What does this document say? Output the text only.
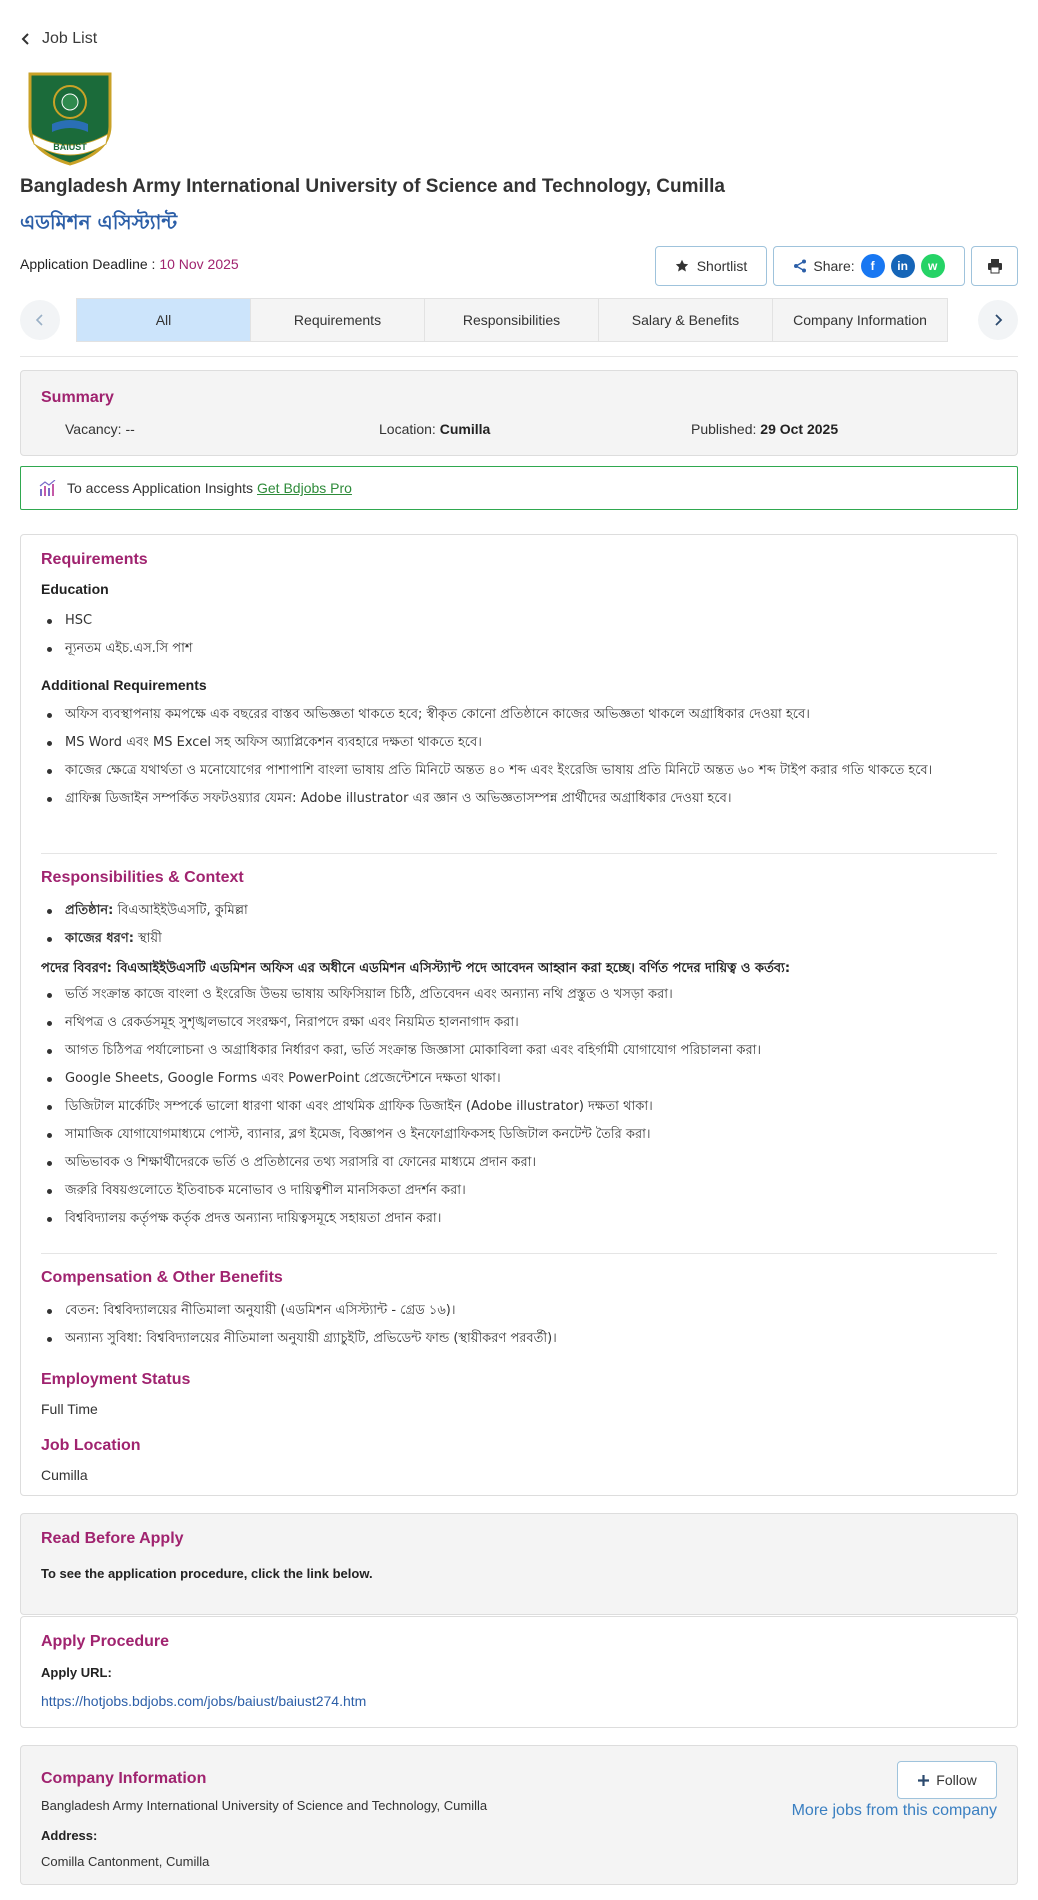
Job List
BAIUST
Bangladesh Army International University of Science and Technology, Cumilla
এডমিশন এসিস্ট্যান্ট
Application Deadline : 10 Nov 2025	Shortlist	Share:	f	in	w
All	Requirements	Responsibilities	Salary & Benefits	Company Information
Summary
Vacancy: --	Location: Cumilla	Published: 29 Oct 2025
To access Application Insights Get Bdjobs Pro
Requirements
Education
HSC
ন্যূনতম এইচ.এস.সি পাশ
Additional Requirements
অফিস ব্যবস্থাপনায় কমপক্ষে এক বছরের বাস্তব অভিজ্ঞতা থাকতে হবে; স্বীকৃত কোনো প্রতিষ্ঠানে কাজের অভিজ্ঞতা থাকলে অগ্রাধিকার দেওয়া হবে।
MS Word এবং MS Excel সহ অফিস অ্যাপ্লিকেশন ব্যবহারে দক্ষতা থাকতে হবে।
কাজের ক্ষেত্রে যথার্থতা ও মনোযোগের পাশাপাশি বাংলা ভাষায় প্রতি মিনিটে অন্তত ৪০ শব্দ এবং ইংরেজি ভাষায় প্রতি মিনিটে অন্তত ৬০ শব্দ টাইপ করার গতি থাকতে হবে।
গ্রাফিক্স ডিজাইন সম্পর্কিত সফটওয়্যার যেমন: Adobe illustrator এর জ্ঞান ও অভিজ্ঞতাসম্পন্ন প্রার্থীদের অগ্রাধিকার দেওয়া হবে।
Responsibilities & Context
প্রতিষ্ঠান: বিএআইইউএসটি, কুমিল্লা
কাজের ধরণ: স্থায়ী
পদের বিবরণ: বিএআইইউএসটি এডমিশন অফিস এর অধীনে এডমিশন এসিস্ট্যান্ট পদে আবেদন আহ্বান করা হচ্ছে। বর্ণিত পদের দায়িত্ব ও কর্তব্য:
ভর্তি সংক্রান্ত কাজে বাংলা ও ইংরেজি উভয় ভাষায় অফিসিয়াল চিঠি, প্রতিবেদন এবং অন্যান্য নথি প্রস্তুত ও খসড়া করা।
নথিপত্র ও রেকর্ডসমূহ সুশৃঙ্খলভাবে সংরক্ষণ, নিরাপদে রক্ষা এবং নিয়মিত হালনাগাদ করা।
আগত চিঠিপত্র পর্যালোচনা ও অগ্রাধিকার নির্ধারণ করা, ভর্তি সংক্রান্ত জিজ্ঞাসা মোকাবিলা করা এবং বহির্গামী যোগাযোগ পরিচালনা করা।
Google Sheets, Google Forms এবং PowerPoint প্রেজেন্টেশনে দক্ষতা থাকা।
ডিজিটাল মার্কেটিং সম্পর্কে ভালো ধারণা থাকা এবং প্রাথমিক গ্রাফিক ডিজাইন (Adobe illustrator) দক্ষতা থাকা।
সামাজিক যোগাযোগমাধ্যমে পোস্ট, ব্যানার, ব্লগ ইমেজ, বিজ্ঞাপন ও ইনফোগ্রাফিকসহ ডিজিটাল কনটেন্ট তৈরি করা।
অভিভাবক ও শিক্ষার্থীদেরকে ভর্তি ও প্রতিষ্ঠানের তথ্য সরাসরি বা ফোনের মাধ্যমে প্রদান করা।
জরুরি বিষয়গুলোতে ইতিবাচক মনোভাব ও দায়িত্বশীল মানসিকতা প্রদর্শন করা।
বিশ্ববিদ্যালয় কর্তৃপক্ষ কর্তৃক প্রদত্ত অন্যান্য দায়িত্বসমূহে সহায়তা প্রদান করা।
Compensation & Other Benefits
বেতন: বিশ্ববিদ্যালয়ের নীতিমালা অনুযায়ী (এডমিশন এসিস্ট্যান্ট - গ্রেড ১৬)।
অন্যান্য সুবিধা: বিশ্ববিদ্যালয়ের নীতিমালা অনুযায়ী গ্র্যাচুইটি, প্রভিডেন্ট ফান্ড (স্থায়ীকরণ পরবর্তী)।
Employment Status
Full Time
Job Location
Cumilla
Read Before Apply
To see the application procedure, click the link below.
Apply Procedure
Apply URL:
https://hotjobs.bdjobs.com/jobs/baiust/baiust274.htm
Company Information
Bangladesh Army International University of Science and Technology, Cumilla
Address:
Comilla Cantonment, Cumilla
Follow
More jobs from this company
